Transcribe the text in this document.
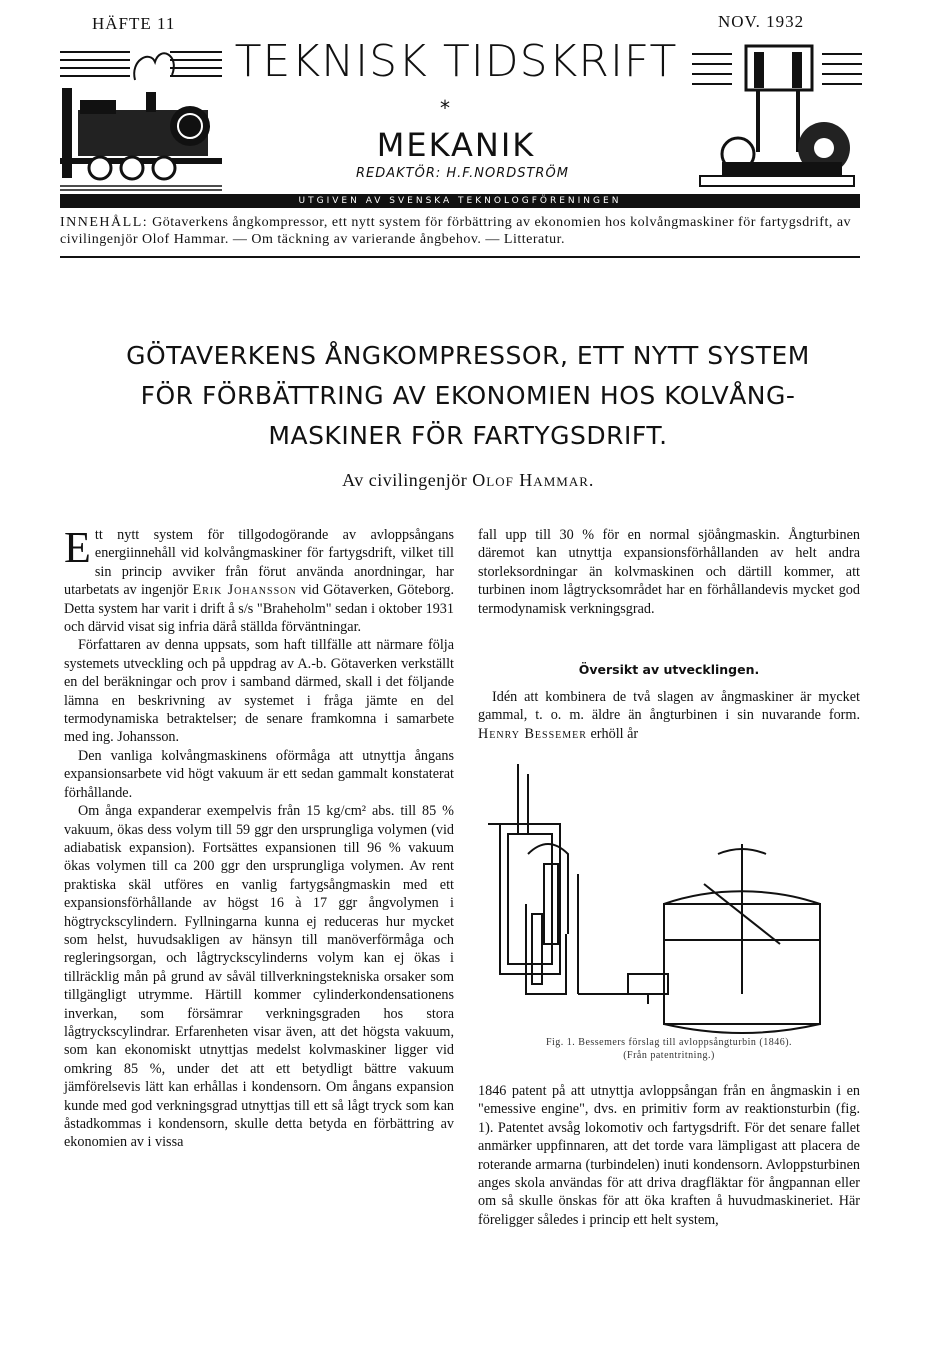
HÄFTE 11	NOV. 1932
TEKNISK TIDSKRIFT
*
MEKANIK
REDAKTÖR: H.F.NORDSTRÖM
UTGIVEN AV SVENSKA TEKNOLOGFÖRENINGEN
INNEHÅLL: Götaverkens ångkompressor, ett nytt system för förbättring av ekonomien hos kolvångmaskiner för fartygsdrift, av civilingenjör Olof Hammar. — Om täckning av varierande ångbehov. — Litteratur.
GÖTAVERKENS ÅNGKOMPRESSOR, ETT NYTT SYSTEM
FÖR FÖRBÄTTRING AV EKONOMIEN HOS KOLVÅNG-
MASKINER FÖR FARTYGSDRIFT.
Av civilingenjör Olof Hammar.

Ett nytt system för tillgodogörande av avloppsångans energiinnehåll vid kolvångmaskiner för fartygsdrift, vilket till sin princip avviker från förut använda anordningar, har utarbetats av ingenjör Erik Johansson vid Götaverken, Göteborg. Detta system har varit i drift å s/s "Braheholm" sedan i oktober 1931 och därvid visat sig infria därå ställda förväntningar.

Författaren av denna uppsats, som haft tillfälle att närmare följa systemets utveckling och på uppdrag av A.-b. Götaverken verkställt en del beräkningar och prov i samband därmed, skall i det följande lämna en beskrivning av systemet i fråga jämte en del termodynamiska betraktelser; de senare framkomna i samarbete med ing. Johansson.

Den vanliga kolvångmaskinens oförmåga att utnyttja ångans expansionsarbete vid högt vakuum är ett sedan gammalt konstaterat förhållande.

Om ånga expanderar exempelvis från 15 kg/cm² abs. till 85 % vakuum, ökas dess volym till 59 ggr den ursprungliga volymen (vid adiabatisk expansion). Fortsättes expansionen till 96 % vakuum ökas volymen till ca 200 ggr den ursprungliga volymen. Av rent praktiska skäl utföres en vanlig fartygsångmaskin med ett expansionsförhållande av högst 16 à 17 ggr ångvolymen i högtryckscylindern. Fyllningarna kunna ej reduceras hur mycket som helst, huvudsakligen av hänsyn till manöverförmåga och regleringsorgan, och lågtryckscylinderns volym kan ej ökas i tillräcklig mån på grund av såväl tillverkningstekniska orsaker som tillgängligt utrymme. Härtill kommer cylinderkondensationens inverkan, som försämrar verkningsgraden hos stora lågtryckscylindrar. Erfarenheten visar även, att det högsta vakuum, som kan ekonomiskt utnyttjas medelst kolvmaskiner ligger vid omkring 85 %, under det att ett betydligt bättre vakuum jämförelsevis lätt kan erhållas i kondensorn. Om ångans expansion kunde med god verkningsgrad utnyttjas till ett så lågt tryck som kan åstadkommas i kondensorn, skulle detta betyda en förbättring av ekonomien av i vissa

fall upp till 30 % för en normal sjöångmaskin. Ångturbinen däremot kan utnyttja expansionsförhållanden av helt andra storleksordningar än kolvmaskinen och därtill kommer, att turbinen inom lågtrycksområdet har en förhållandevis mycket god termodynamisk verkningsgrad.

Översikt av utvecklingen.

Idén att kombinera de två slagen av ångmaskiner är mycket gammal, t. o. m. äldre än ångturbinen i sin nuvarande form. Henry Bessemer erhöll år

Fig. 1. Bessemers förslag till avloppsångturbin (1846).
(Från patentritning.)

1846 patent på att utnyttja avloppsångan från en ångmaskin i en "emessive engine", dvs. en primitiv form av reaktionsturbin (fig. 1). Patentet avsåg lokomotiv och fartygsdrift. För det senare fallet anmärker uppfinnaren, att det torde vara lämpligast att placera de roterande armarna (turbindelen) inuti kondensorn. Avloppsturbinen anges skola användas för att driva dragfläktar för ångpannan eller om så skulle önskas för att öka kraften å huvudmaskineriet. Här föreligger således i princip ett helt system,
